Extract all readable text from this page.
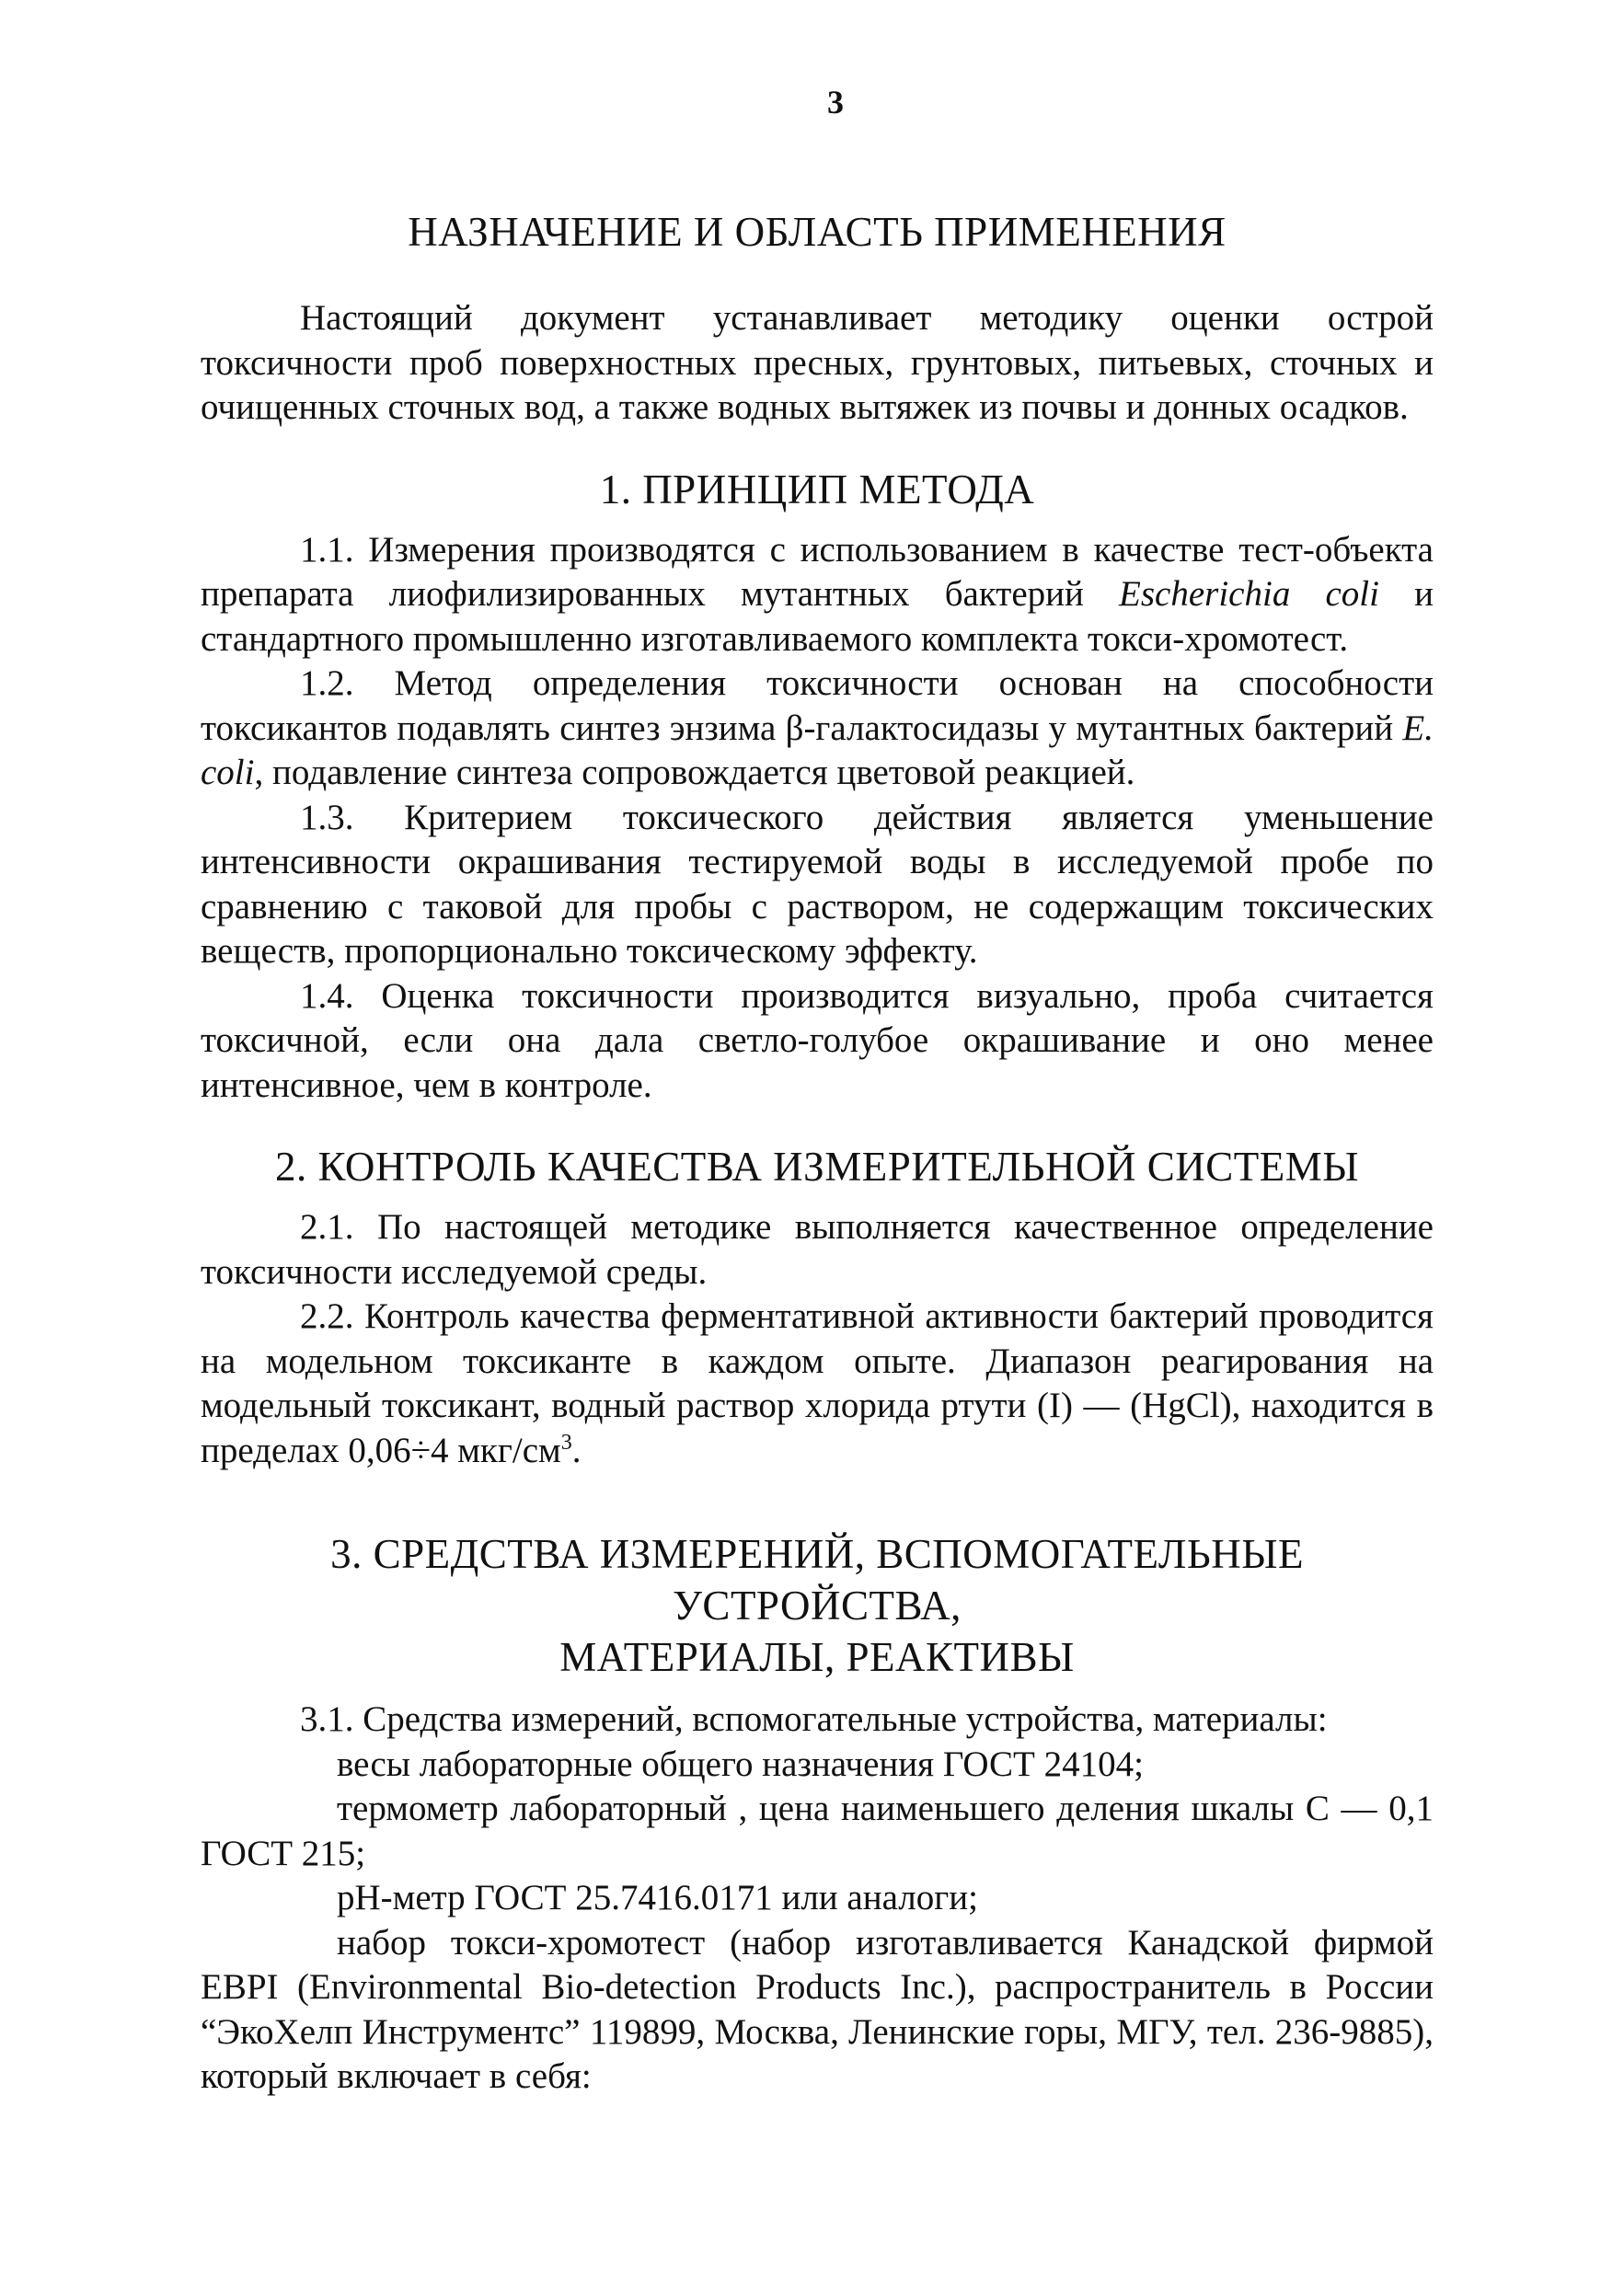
3
НАЗНАЧЕНИЕ И ОБЛАСТЬ ПРИМЕНЕНИЯ

Настоящий документ устанавливает методику оценки острой токсичности проб поверхностных пресных, грунтовых, питьевых, сточных и очищенных сточных вод, а также водных вытяжек из почвы и донных осадков.

1. ПРИНЦИП МЕТОДА

1.1. Измерения производятся с использованием в качестве тест-объекта препарата лиофилизированных мутантных бактерий Escherichia coli и стандартного промышленно изготавливаемого комплекта токси-хромотест.

1.2. Метод определения токсичности основан на способности токсикантов подавлять синтез энзима β-галактосидазы у мутантных бактерий E. coli, подавление синтеза сопровождается цветовой реакцией.

1.3. Критерием токсического действия является уменьшение интенсивности окрашивания тестируемой воды в исследуемой пробе по сравнению с таковой для пробы с раствором, не содержащим токсических веществ, пропорционально токсическому эффекту.

1.4. Оценка токсичности производится визуально, проба считается токсичной, если она дала светло-голубое окрашивание и оно менее интенсивное, чем в контроле.

2. КОНТРОЛЬ КАЧЕСТВА ИЗМЕРИТЕЛЬНОЙ СИСТЕМЫ

2.1. По настоящей методике выполняется качественное определение токсичности исследуемой среды.

2.2. Контроль качества ферментативной активности бактерий проводится на модельном токсиканте в каждом опыте. Диапазон реагирования на модельный токсикант, водный раствор хлорида ртути (I) — (HgCl), находится в пределах 0,06÷4 мкг/$см^3$.

3. СРЕДСТВА ИЗМЕРЕНИЙ, ВСПОМОГАТЕЛЬНЫЕ УСТРОЙСТВА,
МАТЕРИАЛЫ, РЕАКТИВЫ

3.1. Средства измерений, вспомогательные устройства, материалы:

весы лабораторные общего назначения ГОСТ 24104;

термометр лабораторный , цена наименьшего деления шкалы С — 0,1 ГОСТ 215;

pH-метр ГОСТ 25.7416.0171 или аналоги;

набор токси-хромотест (набор изготавливается Канадской фирмой EBPI (Environmental Bio-detection Products Inc.), распространитель в России “ЭкоХелп Инструментс” 119899, Москва, Ленинские горы, МГУ, тел. 236-9885), который включает в себя:
